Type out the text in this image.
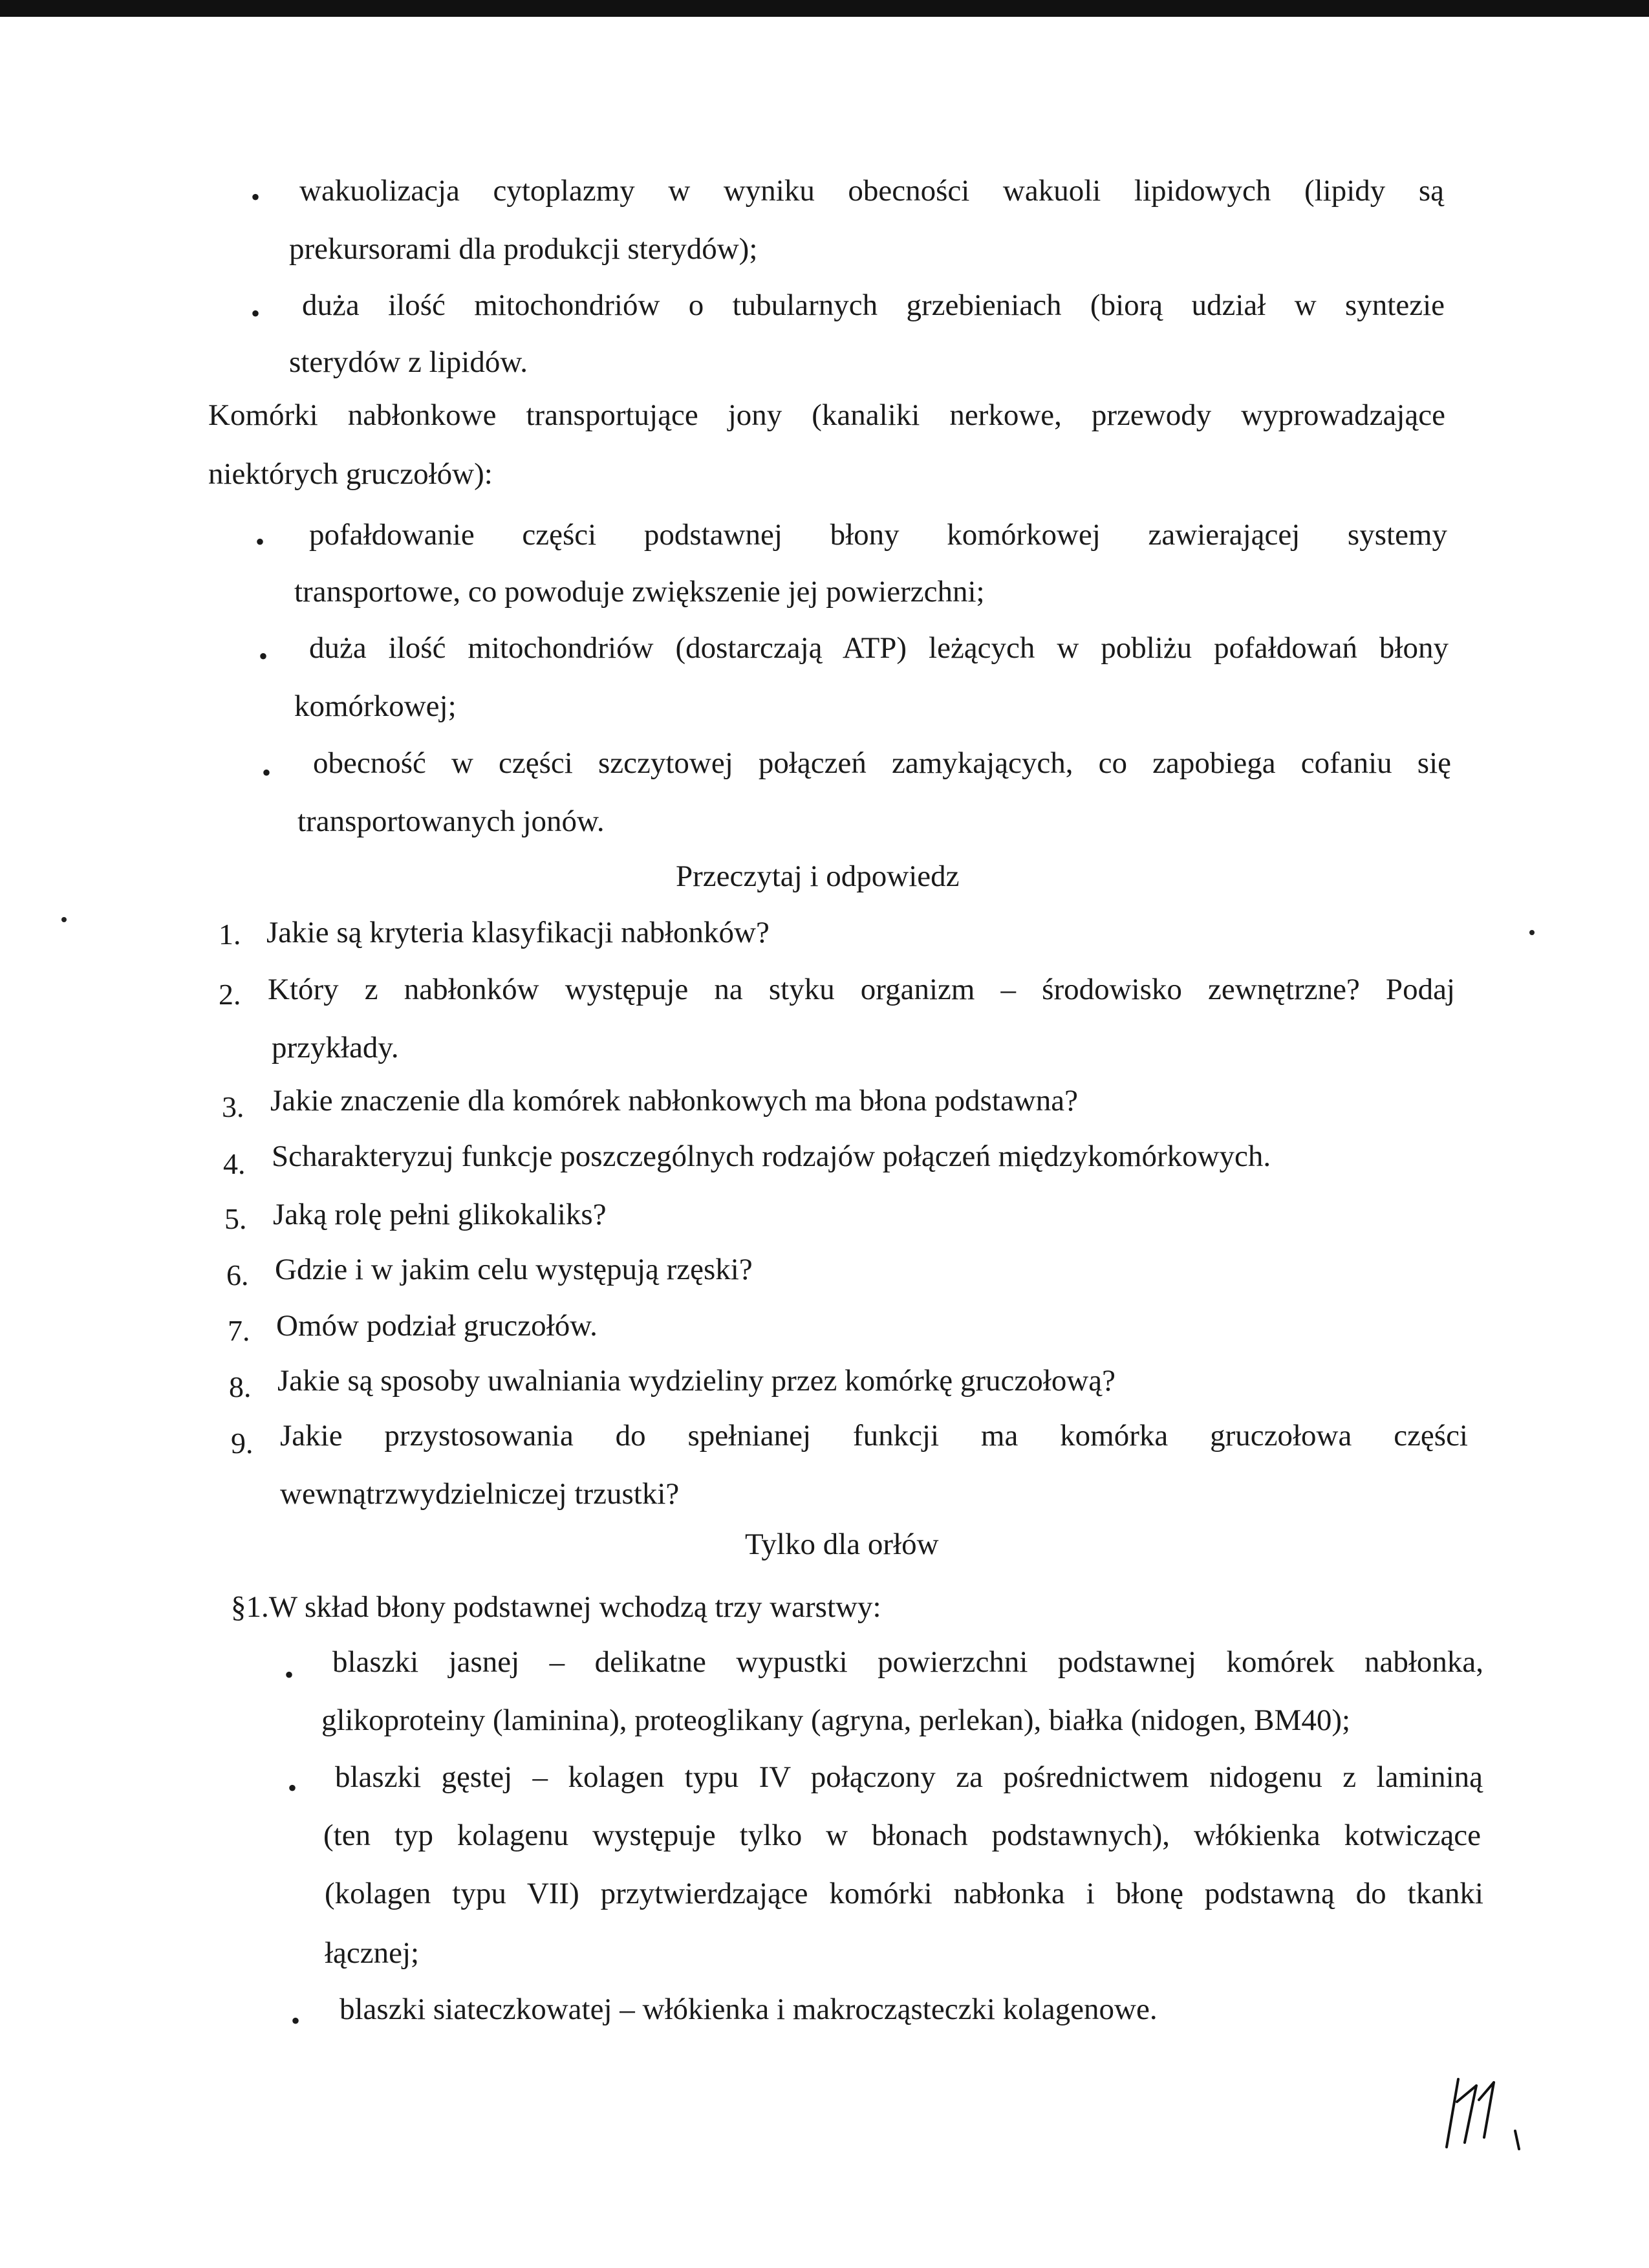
• wakuolizacja cytoplazmy w wyniku obecności wakuoli lipidowych (lipidy są
prekursorami dla produkcji sterydów);
• duża ilość mitochondriów o tubularnych grzebieniach (biorą udział w syntezie
sterydów z lipidów.
Komórki nabłonkowe transportujące jony (kanaliki nerkowe, przewody wyprowadzające
niektórych gruczołów):
• pofałdowanie części podstawnej błony komórkowej zawierającej systemy
transportowe, co powoduje zwiększenie jej powierzchni;
• duża ilość mitochondriów (dostarczają ATP) leżących w pobliżu pofałdowań błony
komórkowej;
• obecność w części szczytowej połączeń zamykających, co zapobiega cofaniu się
transportowanych jonów.
Przeczytaj i odpowiedz
1. Jakie są kryteria klasyfikacji nabłonków?
2. Który z nabłonków występuje na styku organizm – środowisko zewnętrzne? Podaj
przykłady.
3. Jakie znaczenie dla komórek nabłonkowych ma błona podstawna?
4. Scharakteryzuj funkcje poszczególnych rodzajów połączeń międzykomórkowych.
5. Jaką rolę pełni glikokaliks?
6. Gdzie i w jakim celu występują rzęski?
7. Omów podział gruczołów.
8. Jakie są sposoby uwalniania wydzieliny przez komórkę gruczołową?
9. Jakie przystosowania do spełnianej funkcji ma komórka gruczołowa części
wewnątrzwydzielniczej trzustki?
Tylko dla orłów
§1.W skład błony podstawnej wchodzą trzy warstwy:
• blaszki jasnej – delikatne wypustki powierzchni podstawnej komórek nabłonka,
glikoproteiny (laminina), proteoglikany (agryna, perlekan), białka (nidogen, BM40);
• blaszki gęstej – kolagen typu IV połączony za pośrednictwem nidogenu z lamininą
(ten typ kolagenu występuje tylko w błonach podstawnych), włókienka kotwiczące
(kolagen typu VII) przytwierdzające komórki nabłonka i błonę podstawną do tkanki
łącznej;
• blaszki siateczkowatej – włókienka i makrocząsteczki kolagenowe.
